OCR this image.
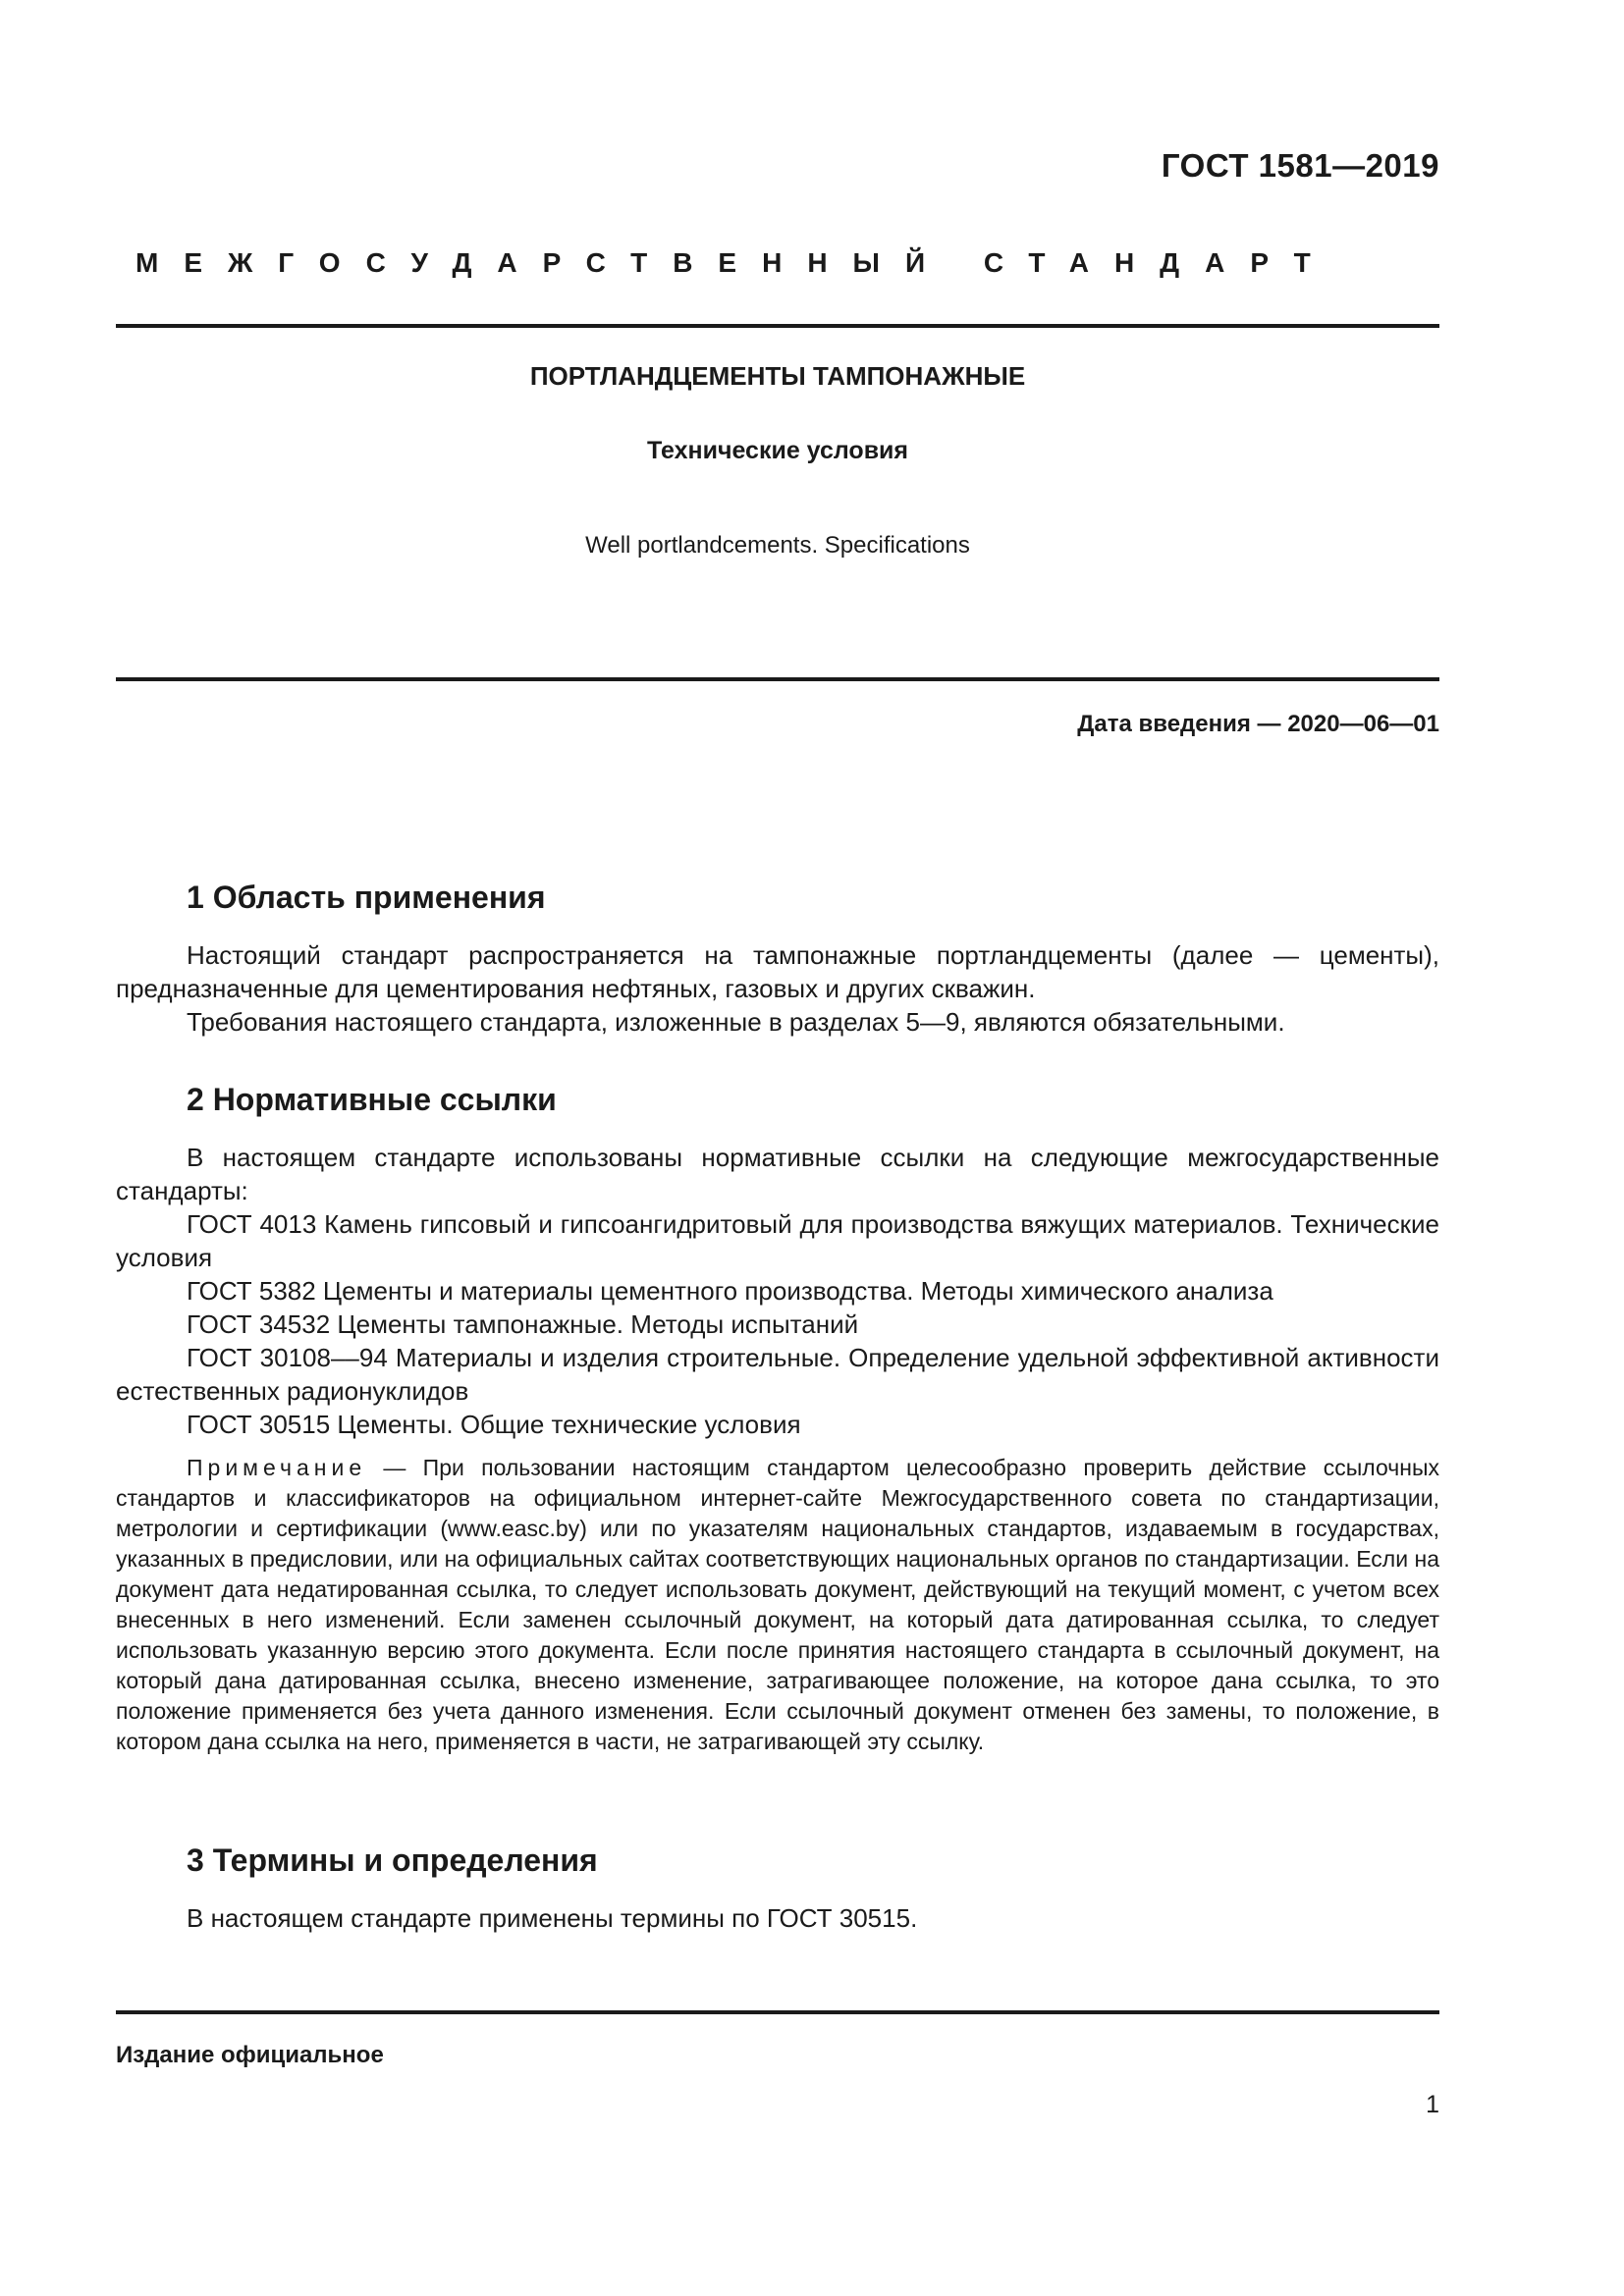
ГОСТ 1581—2019
МЕЖГОСУДАРСТВЕННЫЙ СТАНДАРТ
ПОРТЛАНДЦЕМЕНТЫ ТАМПОНАЖНЫЕ
Технические условия
Well portlandcements. Specifications
Дата введения — 2020—06—01
1 Область применения

Настоящий стандарт распространяется на тампонажные портландцементы (далее — цементы), предназначенные для цементирования нефтяных, газовых и других скважин.

Требования настоящего стандарта, изложенные в разделах 5—9, являются обязательными.

2 Нормативные ссылки

В настоящем стандарте использованы нормативные ссылки на следующие межгосударственные стандарты:

ГОСТ 4013 Камень гипсовый и гипсоангидритовый для производства вяжущих материалов. Технические условия

ГОСТ 5382 Цементы и материалы цементного производства. Методы химического анализа

ГОСТ 34532 Цементы тампонажные. Методы испытаний

ГОСТ 30108––94 Материалы и изделия строительные. Определение удельной эффективной активности естественных радионуклидов

ГОСТ 30515 Цементы. Общие технические условия

Примечание — При пользовании настоящим стандартом целесообразно проверить действие ссылочных стандартов и классификаторов на официальном интернет-сайте Межгосударственного совета по стандартизации, метрологии и сертификации (www.easc.by) или по указателям национальных стандартов, издаваемым в государствах, указанных в предисловии, или на официальных сайтах соответствующих национальных органов по стандартизации. Если на документ дата недатированная ссылка, то следует использовать документ, действующий на текущий момент, с учетом всех внесенных в него изменений. Если заменен ссылочный документ, на который дата датированная ссылка, то следует использовать указанную версию этого документа. Если после принятия настоящего стандарта в ссылочный документ, на который дана датированная ссылка, внесено изменение, затрагивающее положение, на которое дана ссылка, то это положение применяется без учета данного изменения. Если ссылочный документ отменен без замены, то положение, в котором дана ссылка на него, применяется в части, не затрагивающей эту ссылку.

3 Термины и определения

В настоящем стандарте применены термины по ГОСТ 30515.

Издание официальное
1
